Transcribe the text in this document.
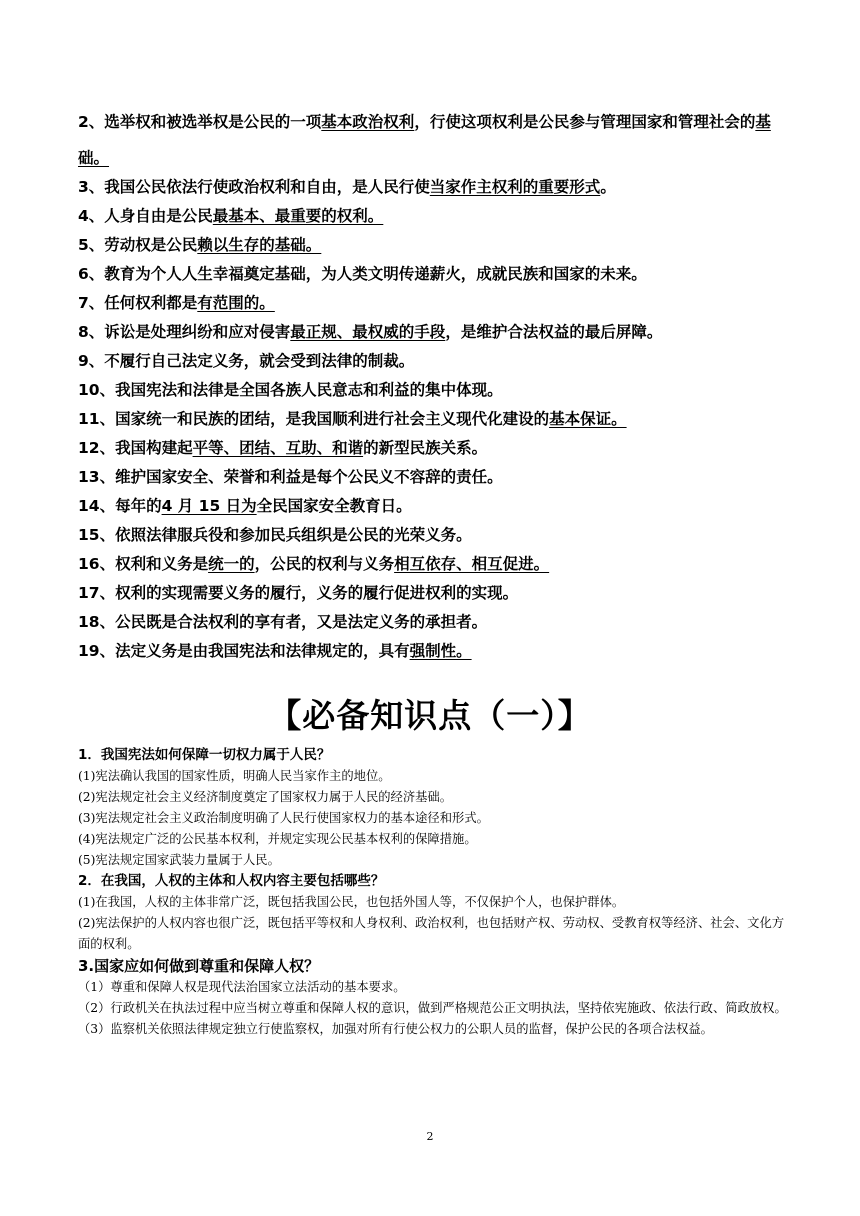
2、选举权和被选举权是公民的一项基本政治权利，行使这项权利是公民参与管理国家和管理社会的基础。
3、我国公民依法行使政治权利和自由，是人民行使当家作主权利的重要形式。
4、人身自由是公民最基本、最重要的权利。
5、劳动权是公民赖以生存的基础。
6、教育为个人人生幸福奠定基础，为人类文明传递薪火，成就民族和国家的未来。
7、任何权利都是有范围的。
8、诉讼是处理纠纷和应对侵害最正规、最权威的手段，是维护合法权益的最后屏障。
9、不履行自己法定义务，就会受到法律的制裁。
10、我国宪法和法律是全国各族人民意志和利益的集中体现。
11、国家统一和民族的团结，是我国顺利进行社会主义现代化建设的基本保证。
12、我国构建起平等、团结、互助、和谐的新型民族关系。
13、维护国家安全、荣誉和利益是每个公民义不容辞的责任。
14、每年的4 月 15 日为全民国家安全教育日。
15、依照法律服兵役和参加民兵组织是公民的光荣义务。
16、权利和义务是统一的，公民的权利与义务相互依存、相互促进。
17、权利的实现需要义务的履行，义务的履行促进权利的实现。
18、公民既是合法权利的享有者，又是法定义务的承担者。
19、法定义务是由我国宪法和法律规定的，具有强制性。
【必备知识点（一）】
1．我国宪法如何保障一切权力属于人民？
(1)宪法确认我国的国家性质，明确人民当家作主的地位。
(2)宪法规定社会主义经济制度奠定了国家权力属于人民的经济基础。
(3)宪法规定社会主义政治制度明确了人民行使国家权力的基本途径和形式。
(4)宪法规定广泛的公民基本权利，并规定实现公民基本权利的保障措施。
(5)宪法规定国家武装力量属于人民。
2．在我国，人权的主体和人权内容主要包括哪些？
(1)在我国，人权的主体非常广泛，既包括我国公民，也包括外国人等，不仅保护个人，也保护群体。
(2)宪法保护的人权内容也很广泛，既包括平等权和人身权利、政治权利，也包括财产权、劳动权、受教育权等经济、社会、文化方面的权利。
3.国家应如何做到尊重和保障人权？
（1）尊重和保障人权是现代法治国家立法活动的基本要求。
（2）行政机关在执法过程中应当树立尊重和保障人权的意识，做到严格规范公正文明执法，坚持依宪施政、依法行政、简政放权。
（3）监察机关依照法律规定独立行使监察权，加强对所有行使公权力的公职人员的监督，保护公民的各项合法权益。
2
